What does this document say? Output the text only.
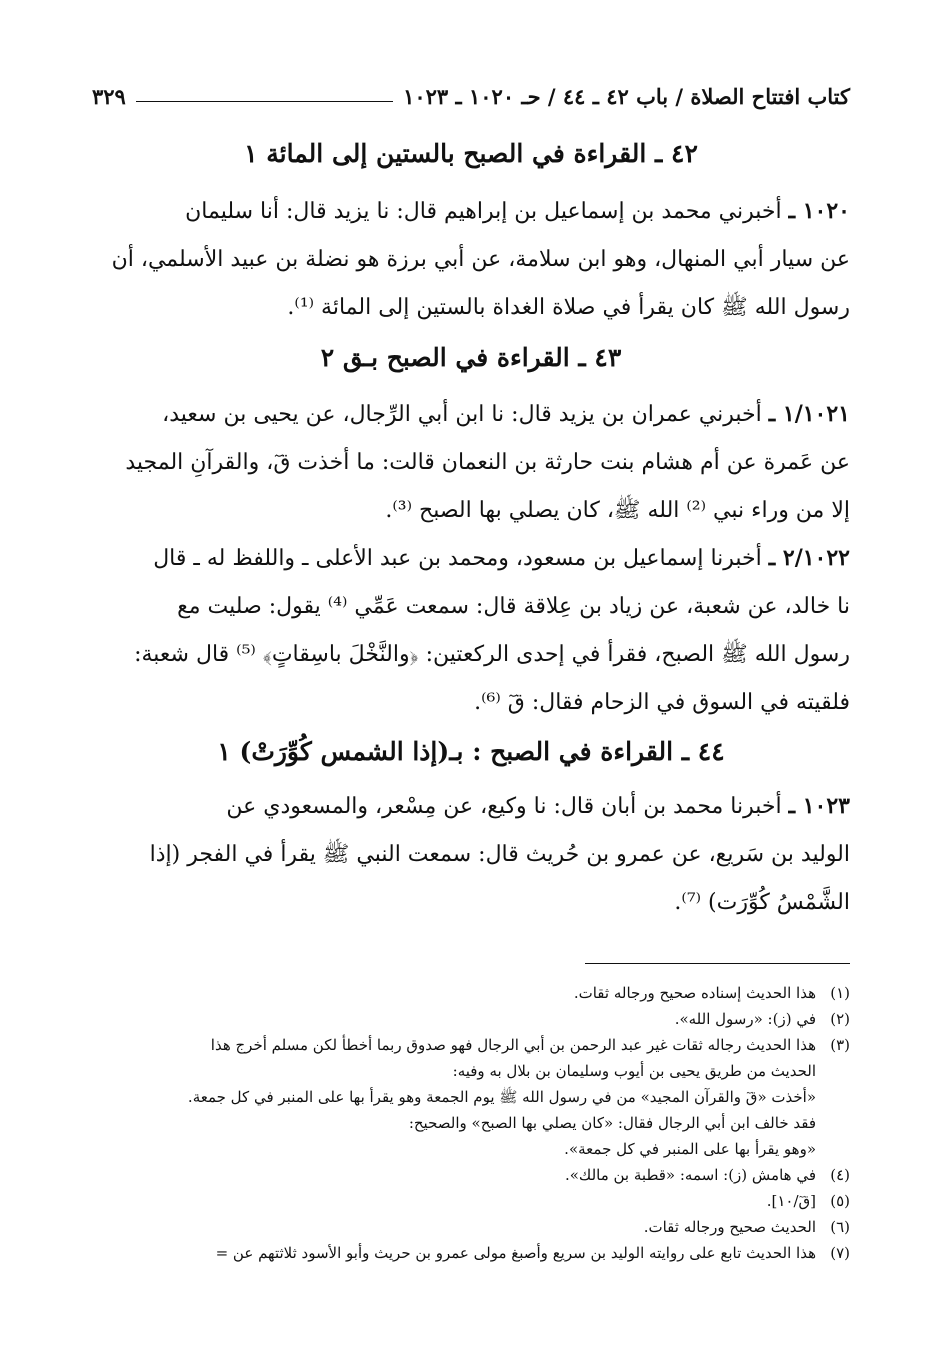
كتاب افتتاح الصلاة / باب ٤٢ ـ ٤٤ / حـ ١٠٢٠ ـ ١٠٢٣
٣٢٩
٤٢ ـ القراءة في الصبح بالستين إلى المائة ١
١٠٢٠ ـ أخبرني محمد بن إسماعيل بن إبراهيم قال: نا يزيد قال: أنا سليمان
عن سيار أبي المنهال، وهو ابن سلامة، عن أبي برزة هو نضلة بن عبيد الأسلمي، أن
رسول الله ﷺ كان يقرأ في صلاة الغداة بالستين إلى المائة ⁽¹⁾.
٤٣ ـ القراءة في الصبح بـق ٢
١/١٠٢١ ـ أخبرني عمران بن يزيد قال: نا ابن أبي الرِّجال، عن يحيى بن سعيد،
عن عَمرة عن أم هشام بنت حارثة بن النعمان قالت: ما أخذت قٓ، والقرآنِ المجيد
إلا من وراء نبي ⁽²⁾ الله ﷺ، كان يصلي بها الصبح ⁽³⁾.
٢/١٠٢٢ ـ أخبرنا إسماعيل بن مسعود، ومحمد بن عبد الأعلى ـ واللفظ له ـ قال
نا خالد، عن شعبة، عن زياد بن عِلاقة قال: سمعت عَمِّي ⁽⁴⁾ يقول: صليت مع
رسول الله ﷺ الصبح، فقرأ في إحدى الركعتين: ﴿والنَّخْلَ باسِقاتٍ﴾ ⁽⁵⁾ قال شعبة:
فلقيته في السوق في الزحام فقال: قٓ ⁽⁶⁾.
٤٤ ـ القراءة في الصبح : بـ(إذا الشمس كُوِّرَتْ) ١
١٠٢٣ ـ أخبرنا محمد بن أبان قال: نا وكيع، عن مِسْعر، والمسعودي عن
الوليد بن سَريع، عن عمرو بن حُريث قال: سمعت النبي ﷺ يقرأ في الفجر (إذا
الشَّمْسُ كُوِّرَت) ⁽⁷⁾.
(١)
هذا الحديث إسناده صحيح ورجاله ثقات.
(٢)
في (ز): «رسول الله».
(٣)
هذا الحديث رجاله ثقات غير عبد الرحمن بن أبي الرجال فهو صدوق ربما أخطأ لكن مسلم أخرج هذا
الحديث من طريق يحيى بن أيوب وسليمان بن بلال به وفيه:
«أخذت «قٓ والقرآن المجيد» من في رسول الله ﷺ يوم الجمعة وهو يقرأ بها على المنبر في كل جمعة.
فقد خالف ابن أبي الرجال فقال: «كان يصلي بها الصبح» والصحيح:
«وهو يقرأ بها على المنبر في كل جمعة».
(٤)
في هامش (ز): اسمه: «قطبة بن مالك».
(٥)
[قٓ/١٠].
(٦)
الحديث صحيح ورجاله ثقات.
(٧)
هذا الحديث تابع على روايته الوليد بن سريع وأصبغ مولى عمرو بن حريث وأبو الأسود ثلاثتهم عن =
